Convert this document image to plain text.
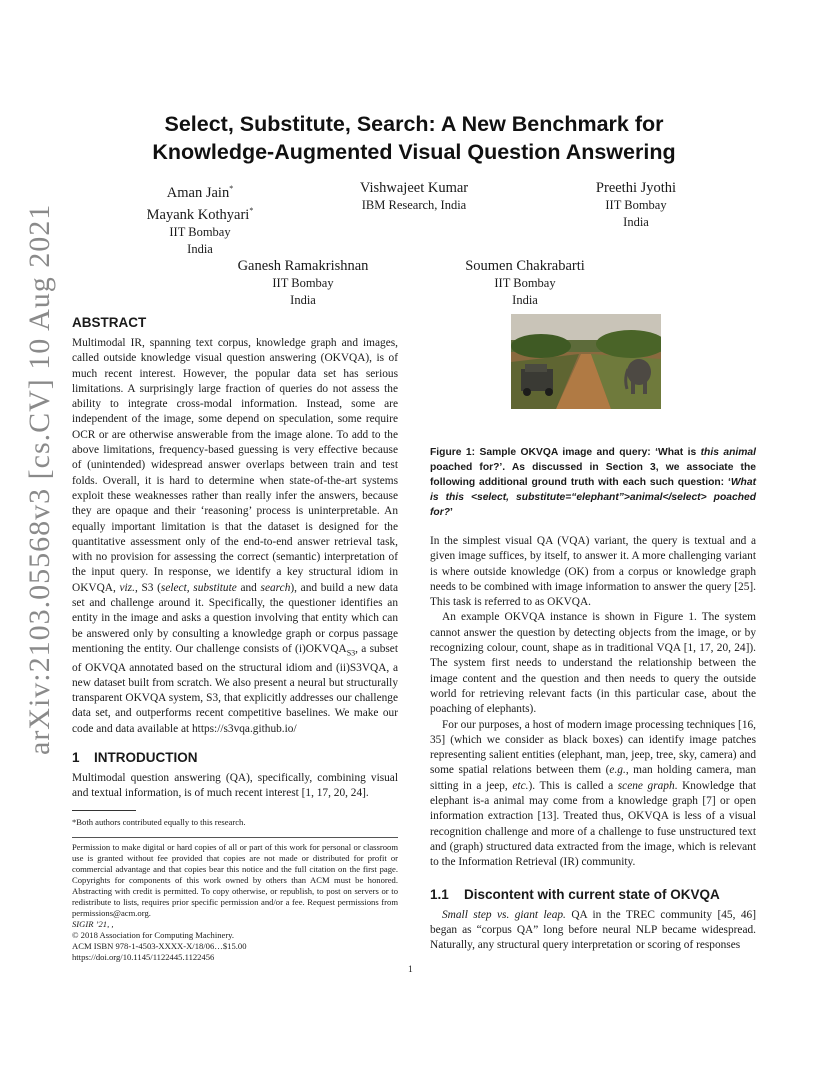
arXiv:2103.05568v3 [cs.CV] 10 Aug 2021
Select, Substitute, Search: A New Benchmark for
Knowledge-Augmented Visual Question Answering
Aman Jain*
Mayank Kothyari*
IIT Bombay
India
Vishwajeet Kumar
IBM Research, India
Preethi Jyothi
IIT Bombay
India
Ganesh Ramakrishnan
IIT Bombay
India
Soumen Chakrabarti
IIT Bombay
India

ABSTRACT

Multimodal IR, spanning text corpus, knowledge graph and images, called outside knowledge visual question answering (OKVQA), is of much recent interest. However, the popular data set has serious limitations. A surprisingly large fraction of queries do not assess the ability to integrate cross-modal information. Instead, some are independent of the image, some depend on speculation, some require OCR or are otherwise answerable from the image alone. To add to the above limitations, frequency-based guessing is very effective because of (unintended) widespread answer overlaps between train and test folds. Overall, it is hard to determine when state-of-the-art systems exploit these weaknesses rather than really infer the answers, because they are opaque and their ‘reasoning’ process is uninterpretable. An equally important limitation is that the dataset is designed for the quantitative assessment only of the end-to-end answer retrieval task, with no provision for assessing the correct (semantic) interpretation of the input query. In response, we identify a key structural idiom in OKVQA, viz., S3 (select, substitute and search), and build a new data set and challenge around it. Specifically, the questioner identifies an entity in the image and asks a question involving that entity which can be answered only by consulting a knowledge graph or corpus passage mentioning the entity. Our challenge consists of $(i)OKVQA_{S3}$, a subset of OKVQA annotated based on the structural idiom and (ii)S3VQA, a new dataset built from scratch. We also present a neural but structurally transparent OKVQA system, S3, that explicitly addresses our challenge data set, and outperforms recent competitive baselines. We make our code and data available at https://s3vqa.github.io/

1 INTRODUCTION

Multimodal question answering (QA), specifically, combining visual and textual information, is of much recent interest [1, 17, 20, 24].

*Both authors contributed equally to this research.

Permission to make digital or hard copies of all or part of this work for personal or classroom use is granted without fee provided that copies are not made or distributed for profit or commercial advantage and that copies bear this notice and the full citation on the first page. Copyrights for components of this work owned by others than ACM must be honored. Abstracting with credit is permitted. To copy otherwise, or republish, to post on servers or to redistribute to lists, requires prior specific permission and/or a fee. Request permissions from permissions@acm.org.

SIGIR ’21, ,

© 2018 Association for Computing Machinery.

ACM ISBN 978-1-4503-XXXX-X/18/06…$15.00

https://doi.org/10.1145/1122445.1122456

Figure 1: Sample OKVQA image and query: ‘What is this animal poached for?’. As discussed in Section 3, we associate the following additional ground truth with each such question: ‘What is this <select, substitute=“elephant”>animal</select> poached for?’

In the simplest visual QA (VQA) variant, the query is textual and a given image suffices, by itself, to answer it. A more challenging variant is where outside knowledge (OK) from a corpus or knowledge graph needs to be combined with image information to answer the query [25]. This task is referred to as OKVQA.

An example OKVQA instance is shown in Figure 1. The system cannot answer the question by detecting objects from the image, or by recognizing colour, count, shape as in traditional VQA [1, 17, 20, 24]). The system first needs to understand the relationship between the image content and the question and then needs to query the outside world for retrieving relevant facts (in this particular case, about the poaching of elephants).

For our purposes, a host of modern image processing techniques [16, 35] (which we consider as black boxes) can identify image patches representing salient entities (elephant, man, jeep, tree, sky, camera) and some spatial relations between them (e.g., man holding camera, man sitting in a jeep, etc.). This is called a scene graph. Knowledge that elephant is-a animal may come from a knowledge graph [7] or open information extraction [13]. Treated thus, OKVQA is less of a visual recognition challenge and more of a challenge to fuse unstructured text and (graph) structured data extracted from the image, which is relevant to the Information Retrieval (IR) community.

1.1 Discontent with current state of OKVQA

Small step vs. giant leap. QA in the TREC community [45, 46] began as “corpus QA” long before neural NLP became widespread. Naturally, any structural query interpretation or scoring of responses

1
